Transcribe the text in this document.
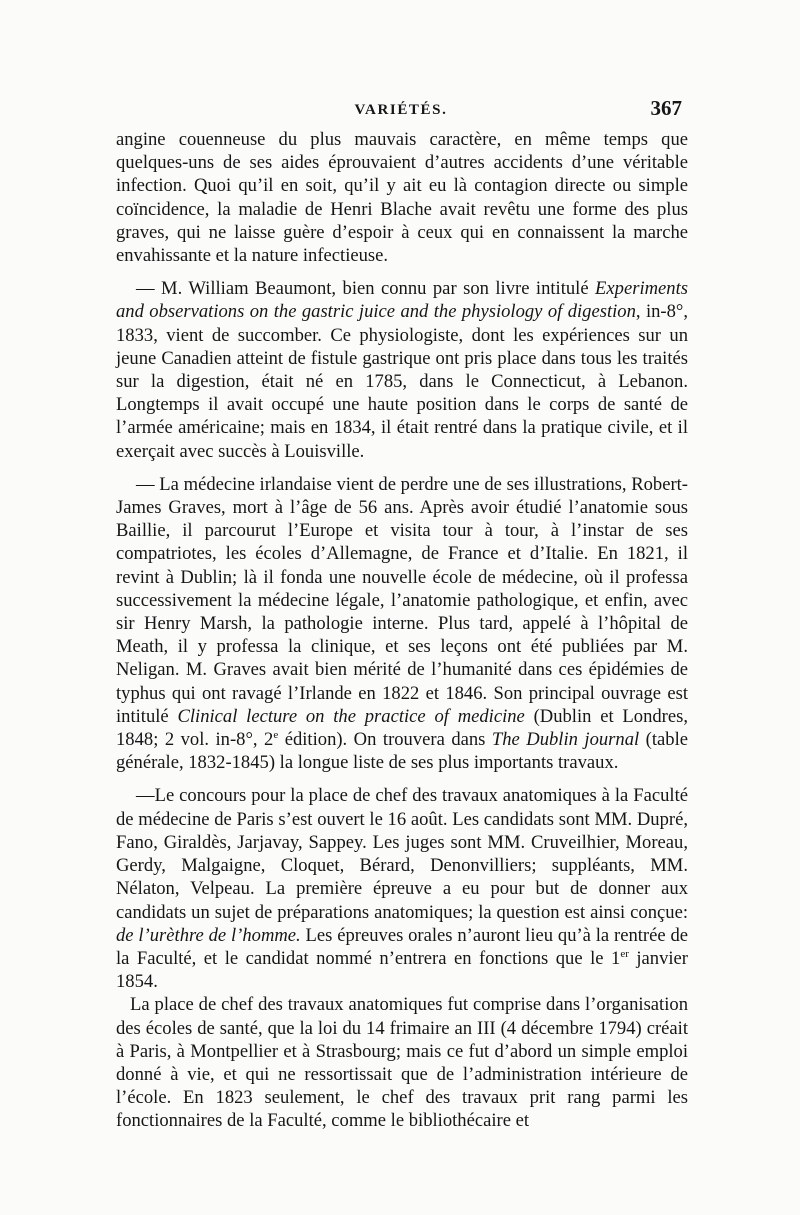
VARIÉTÉS.	367

angine couenneuse du plus mauvais caractère, en même temps que quelques-uns de ses aides éprouvaient d’autres accidents d’une véritable infection. Quoi qu’il en soit, qu’il y ait eu là contagion directe ou simple coïncidence, la maladie de Henri Blache avait revêtu une forme des plus graves, qui ne laisse guère d’espoir à ceux qui en connaissent la marche envahissante et la nature infectieuse.

— M. William Beaumont, bien connu par son livre intitulé Experiments and observations on the gastric juice and the physiology of digestion, in-8°, 1833, vient de succomber. Ce physiologiste, dont les expériences sur un jeune Canadien atteint de fistule gastrique ont pris place dans tous les traités sur la digestion, était né en 1785, dans le Connecticut, à Lebanon. Longtemps il avait occupé une haute position dans le corps de santé de l’armée américaine; mais en 1834, il était rentré dans la pratique civile, et il exerçait avec succès à Louisville.

— La médecine irlandaise vient de perdre une de ses illustrations, Robert-James Graves, mort à l’âge de 56 ans. Après avoir étudié l’anatomie sous Baillie, il parcourut l’Europe et visita tour à tour, à l’instar de ses compatriotes, les écoles d’Allemagne, de France et d’Italie. En 1821, il revint à Dublin; là il fonda une nouvelle école de médecine, où il professa successivement la médecine légale, l’anatomie pathologique, et enfin, avec sir Henry Marsh, la pathologie interne. Plus tard, appelé à l’hôpital de Meath, il y professa la clinique, et ses leçons ont été publiées par M. Neligan. M. Graves avait bien mérité de l’humanité dans ces épidémies de typhus qui ont ravagé l’Irlande en 1822 et 1846. Son principal ouvrage est intitulé Clinical lecture on the practice of medicine (Dublin et Londres, 1848; 2 vol. in-8°, 2e édition). On trouvera dans The Dublin journal (table générale, 1832-1845) la longue liste de ses plus importants travaux.

—Le concours pour la place de chef des travaux anatomiques à la Faculté de médecine de Paris s’est ouvert le 16 août. Les candidats sont MM. Dupré, Fano, Giraldès, Jarjavay, Sappey. Les juges sont MM. Cruveilhier, Moreau, Gerdy, Malgaigne, Cloquet, Bérard, Denonvilliers; suppléants, MM. Nélaton, Velpeau. La première épreuve a eu pour but de donner aux candidats un sujet de préparations anatomiques; la question est ainsi conçue: de l’urèthre de l’homme. Les épreuves orales n’auront lieu qu’à la rentrée de la Faculté, et le candidat nommé n’entrera en fonctions que le 1er janvier 1854.

La place de chef des travaux anatomiques fut comprise dans l’organisation des écoles de santé, que la loi du 14 frimaire an III (4 décembre 1794) créait à Paris, à Montpellier et à Strasbourg; mais ce fut d’abord un simple emploi donné à vie, et qui ne ressortissait que de l’administration intérieure de l’école. En 1823 seulement, le chef des travaux prit rang parmi les fonctionnaires de la Faculté, comme le bibliothécaire et
